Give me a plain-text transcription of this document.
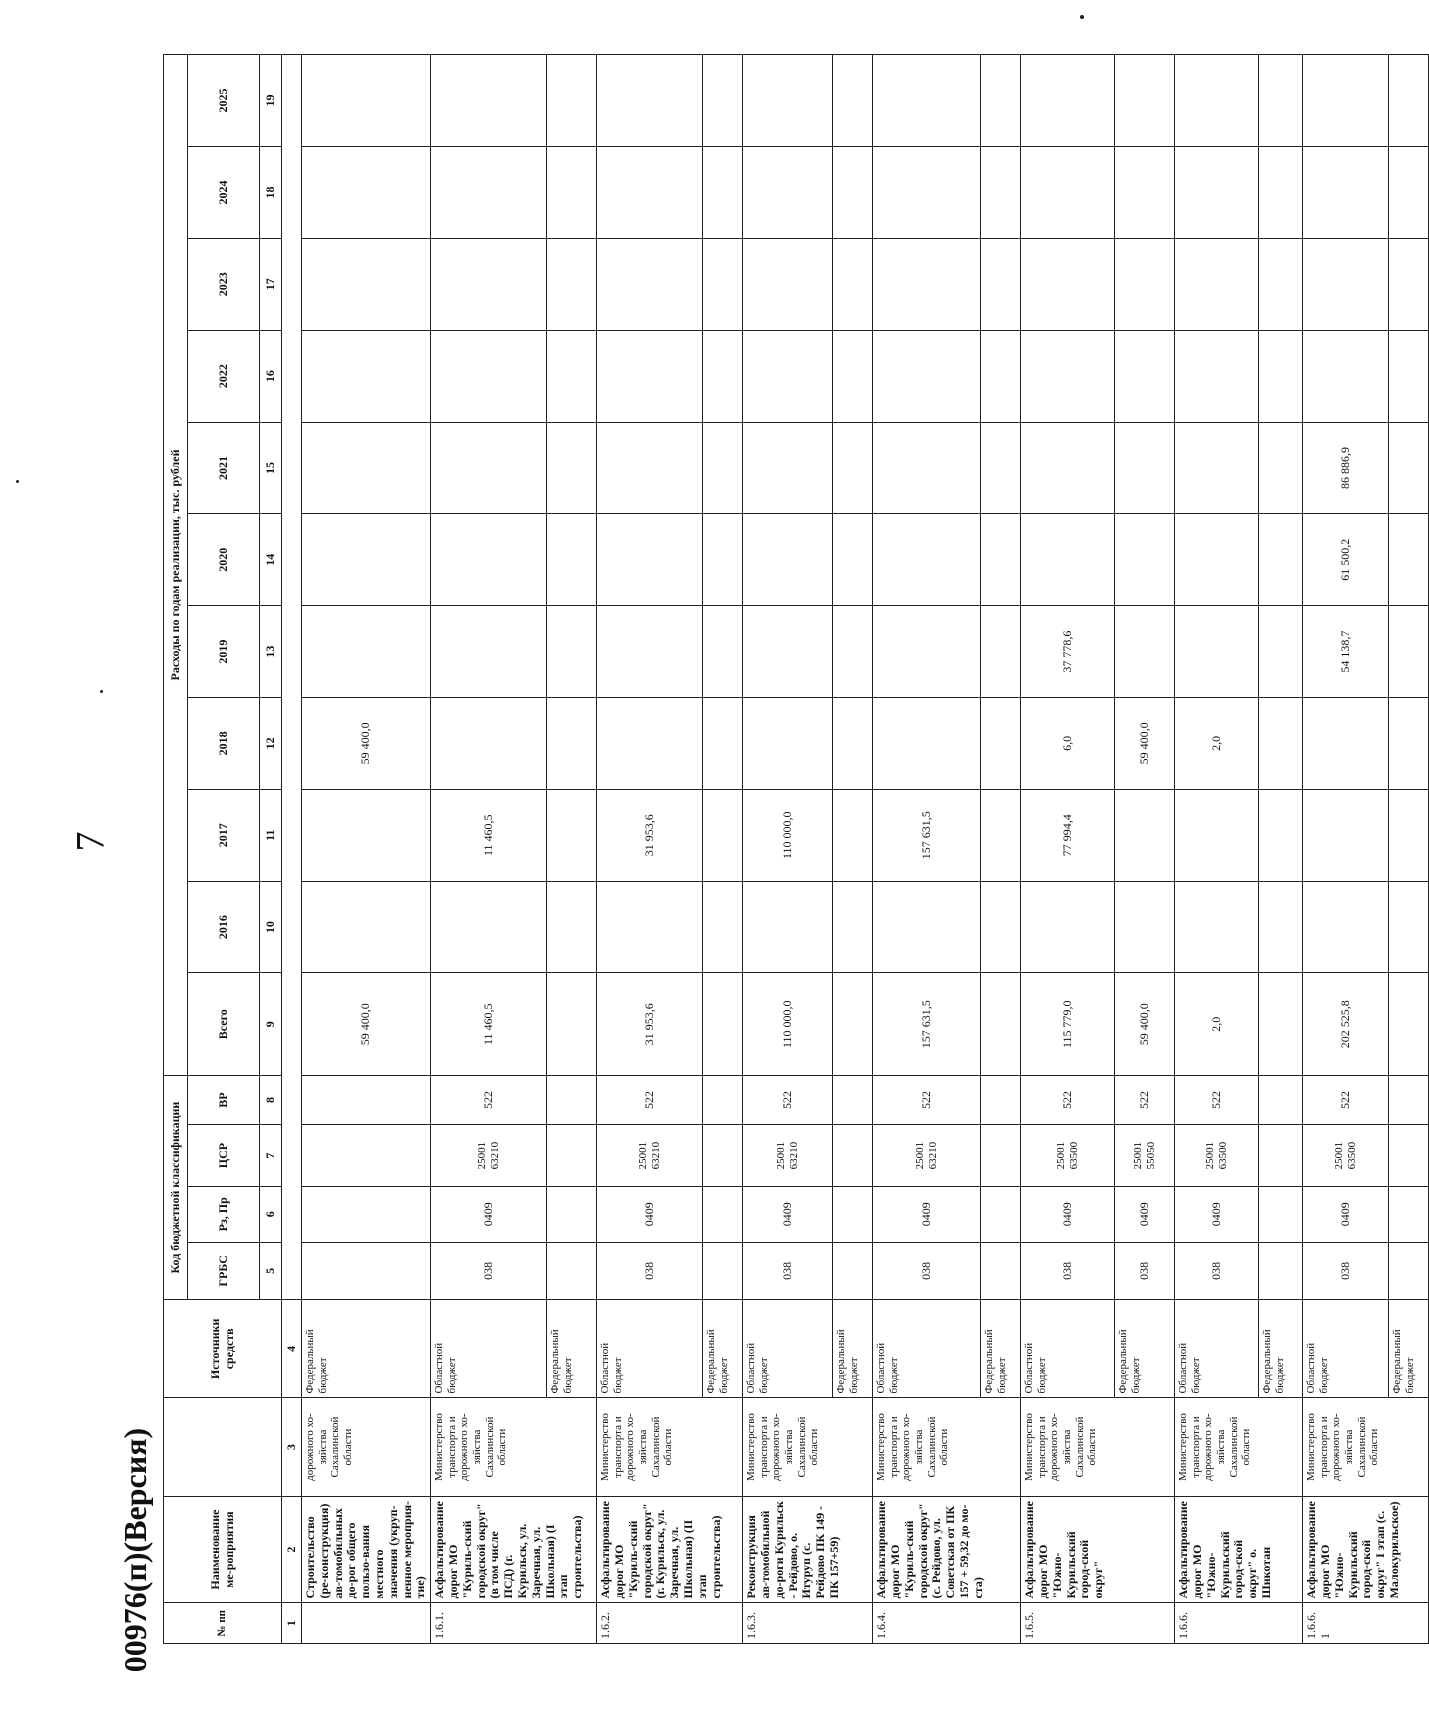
7
№ пп	Наименование ме-роприятия		Источники средств	Код бюджетной классификации				Расходы по годам реализации, тыс. рублей										
				ГРБС	Рз, Пр	ЦСР	ВР	Всего	2016	2017	2018	2019	2020	2021	2022	2023	2024	2025
				5	6	7	8	9	10	11	12	13	14	15	16	17	18	19
1	2	3	4															
	Строительство (ре-конструкция) ав-томобильных до-рог общего пользо-вания местного значения (укруп-ненное мероприя-тие)	дорожного хо-зяйства Сахалинской области	Федеральный бюджет					59 400,0			59 400,0							
1.6.1.	Асфальтирование дорог МО "Куриль-ский городской округ" (в том числе ПСД) (г. Курильск, ул. Заречная, ул. Школьная) (I этап строительства)	Министерство транспорта и дорожного хо-зяйства Сахалинской области	Областной бюджет	038	0409	25001 63210	522	11 460,5		11 460,5								
			Федеральный бюджет															
1.6.2.	Асфальтирование дорог МО "Куриль-ский городской округ" (г. Курильск, ул. Заречная, ул. Школьная) (II этап строительства)	Министерство транспорта и дорожного хо-зяйства Сахалинской области	Областной бюджет	038	0409	25001 63210	522	31 953,6		31 953,6								
			Федеральный бюджет															
1.6.3.	Реконструкция ав-томобильной до-роги Курильск - Рейдово, о. Итуруп (с. Рейдово ПК 149 - ПК 157+59)	Министерство транспорта и дорожного хо-зяйства Сахалинской области	Областной бюджет	038	0409	25001 63210	522	110 000,0		110 000,0								
			Федеральный бюджет															
1.6.4.	Асфальтирование дорог МО "Куриль-ский городской округ" (с. Рейдово, ул. Советская от ПК 157 + 59,32 до мо-ста)	Министерство транспорта и дорожного хо-зяйства Сахалинской области	Областной бюджет	038	0409	25001 63210	522	157 631,5		157 631,5								
			Федеральный бюджет															
1.6.5.	Асфальтирование дорог МО "Южно-Курильский город-ской округ"	Министерство транспорта и дорожного хо-зяйства Сахалинской области	Областной бюджет	038	0409	25001 63500	522	115 779,0		77 994,4	6,0	37 778,6						
			Федеральный бюджет	038	0409	25001 55050	522	59 400,0			59 400,0							
1.6.6.	Асфальтирование дорог МО "Южно-Курильский город-ской округ" о. Шикотан	Министерство транспорта и дорожного хо-зяйства Сахалинской области	Областной бюджет	038	0409	25001 63500	522	2,0			2,0							
			Федеральный бюджет															
1.6.6.1	Асфальтирование дорог МО "Южно-Курильский город-ской округ" I этап (с. Малокурильское)	Министерство транспорта и дорожного хо-зяйства Сахалинской области	Областной бюджет	038	0409	25001 63500	522	202 525,8				54 138,7	61 500,2	86 886,9				
			Федеральный бюджет															
00976(п)(Версия)
